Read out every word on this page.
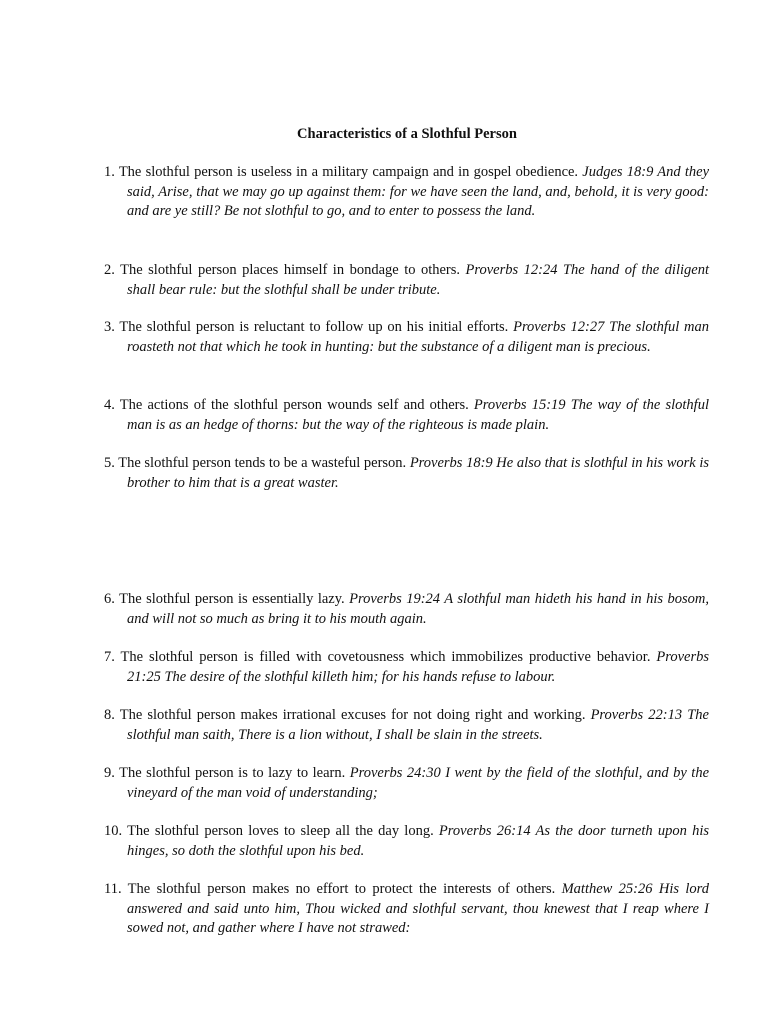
Characteristics of a Slothful Person

1. The slothful person is useless in a military campaign and in gospel obedience. Judges 18:9 And they said, Arise, that we may go up against them: for we have seen the land, and, behold, it is very good: and are ye still? Be not slothful to go, and to enter to possess the land.

2. The slothful person places himself in bondage to others. Proverbs 12:24 The hand of the diligent shall bear rule: but the slothful shall be under tribute.

3. The slothful person is reluctant to follow up on his initial efforts. Proverbs 12:27 The slothful man roasteth not that which he took in hunting: but the substance of a diligent man is precious.

4. The actions of the slothful person wounds self and others. Proverbs 15:19 The way of the slothful man is as an hedge of thorns: but the way of the righteous is made plain.

5. The slothful person tends to be a wasteful person. Proverbs 18:9 He also that is slothful in his work is brother to him that is a great waster.

6. The slothful person is essentially lazy. Proverbs 19:24 A slothful man hideth his hand in his bosom, and will not so much as bring it to his mouth again.

7. The slothful person is filled with covetousness which immobilizes productive behavior. Proverbs 21:25 The desire of the slothful killeth him; for his hands refuse to labour.

8. The slothful person makes irrational excuses for not doing right and working. Proverbs 22:13 The slothful man saith, There is a lion without, I shall be slain in the streets.

9. The slothful person is to lazy to learn. Proverbs 24:30 I went by the field of the slothful, and by the vineyard of the man void of understanding;

10. The slothful person loves to sleep all the day long. Proverbs 26:14 As the door turneth upon his hinges, so doth the slothful upon his bed.

11. The slothful person makes no effort to protect the interests of others. Matthew 25:26 His lord answered and said unto him, Thou wicked and slothful servant, thou knewest that I reap where I sowed not, and gather where I have not strawed:
